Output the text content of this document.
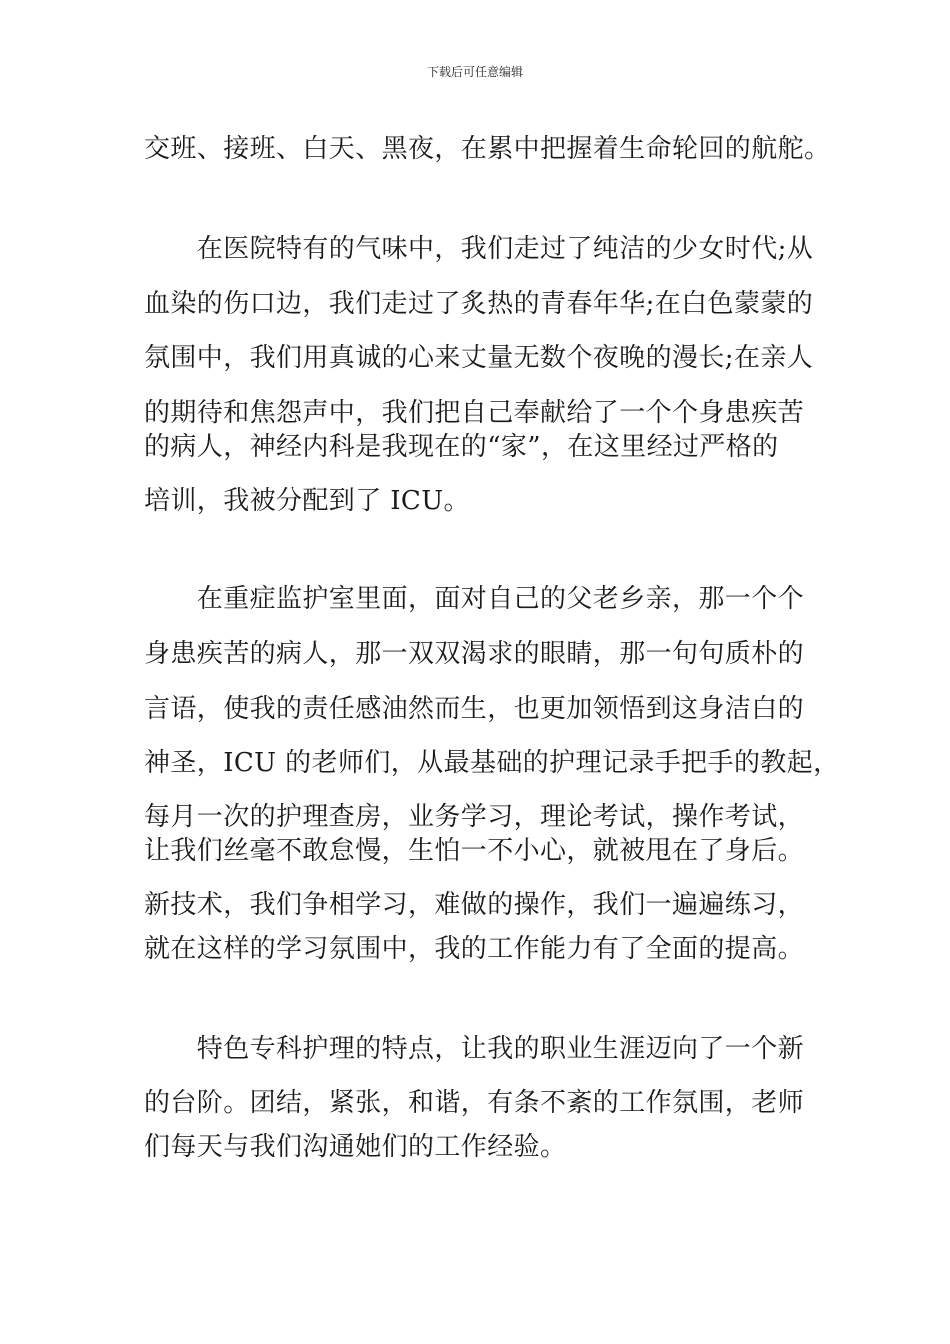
下载后可任意编辑
交班、接班、白天、黑夜，在累中把握着生命轮回的航舵。
　　在医院特有的气味中，我们走过了纯洁的少女时代;从
血染的伤口边，我们走过了炙热的青春年华;在白色蒙蒙的
氛围中，我们用真诚的心来丈量无数个夜晚的漫长;在亲人
的期待和焦怨声中，我们把自己奉献给了一个个身患疾苦
的病人，神经内科是我现在的“家”，在这里经过严格的
培训，我被分配到了 ICU。
　　在重症监护室里面，面对自己的父老乡亲，那一个个
身患疾苦的病人，那一双双渴求的眼睛，那一句句质朴的
言语，使我的责任感油然而生，也更加领悟到这身洁白的
神圣，ICU 的老师们，从最基础的护理记录手把手的教起，
每月一次的护理查房，业务学习，理论考试，操作考试，
让我们丝毫不敢怠慢，生怕一不小心，就被甩在了身后。
新技术，我们争相学习，难做的操作，我们一遍遍练习，
就在这样的学习氛围中，我的工作能力有了全面的提高。
　　特色专科护理的特点，让我的职业生涯迈向了一个新
的台阶。团结，紧张，和谐，有条不紊的工作氛围，老师
们每天与我们沟通她们的工作经验。
